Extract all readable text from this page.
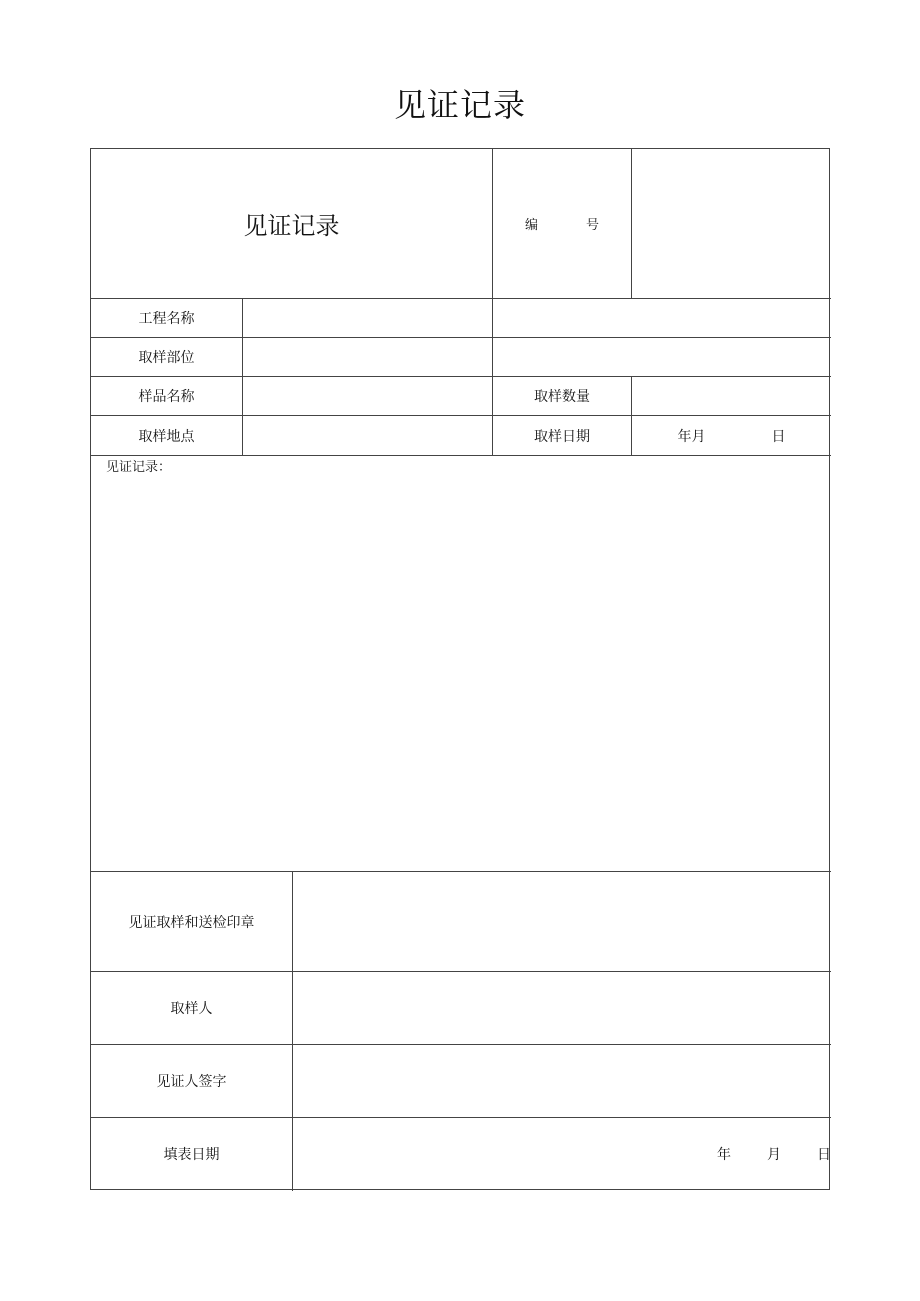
见证记录
见证记录	编	号
工程名称
取样部位
样品名称	取样数量
取样地点	取样日期	年月	日
见证记录：
见证取样和送检印章
取样人
见证人签字
填表日期	年	月	日
